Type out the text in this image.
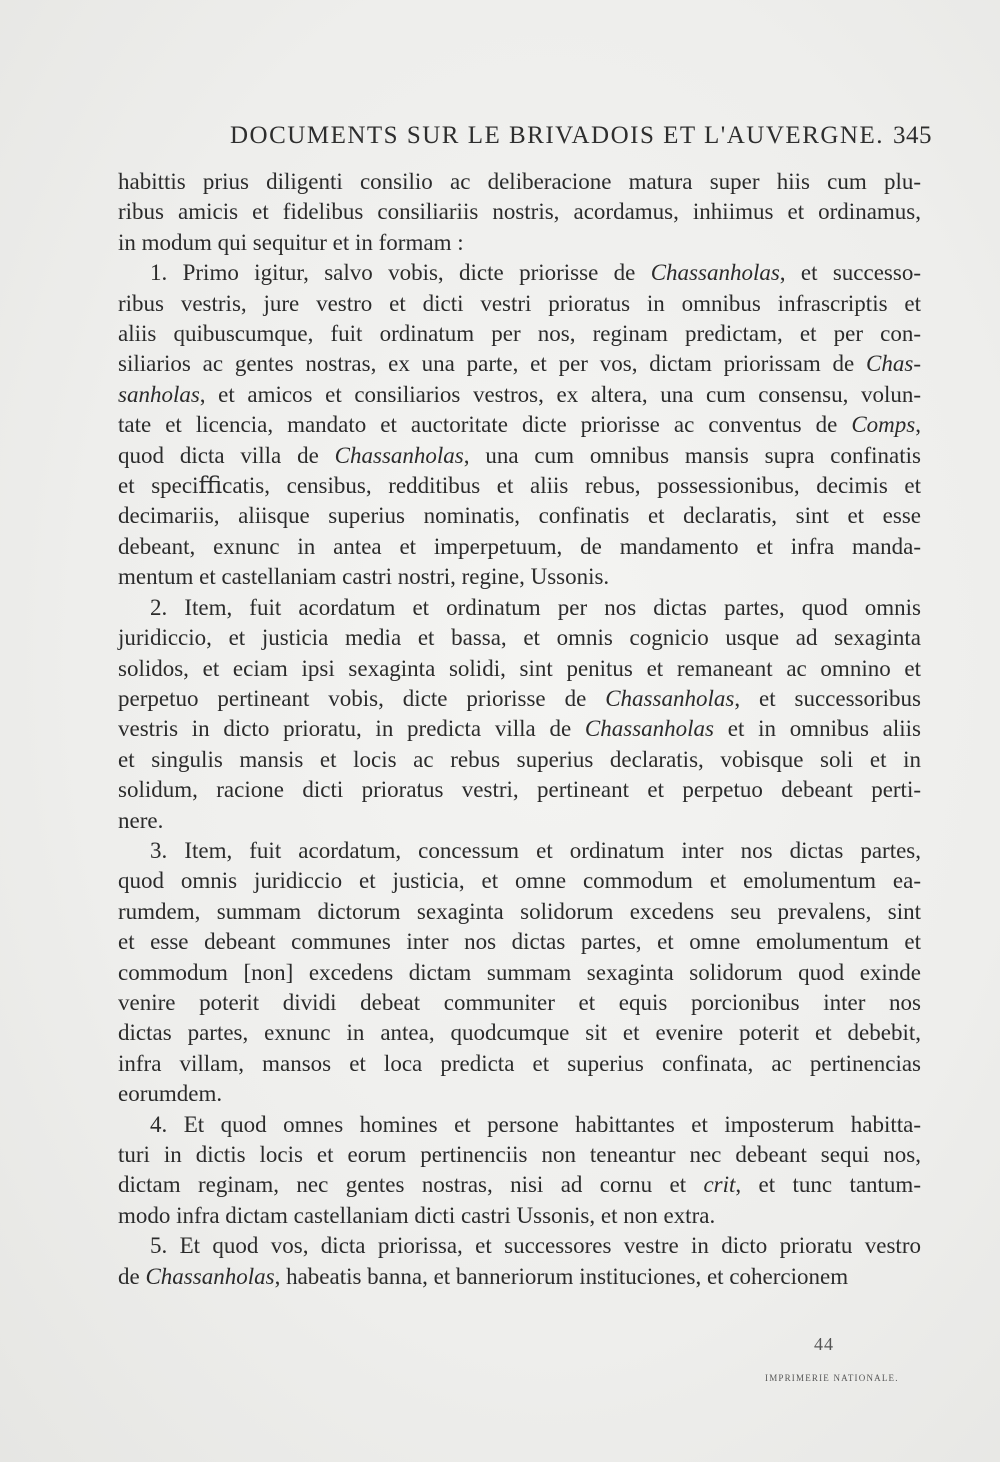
DOCUMENTS SUR LE BRIVADOIS ET L'AUVERGNE. 345

habittis prius diligenti consilio ac deliberacione matura super hiis cum plu-

ribus amicis et fidelibus consiliariis nostris, acordamus, inhiimus et ordinamus,

in modum qui sequitur et in formam :

1. Primo igitur, salvo vobis, dicte priorisse de Chassanholas, et successo-

ribus vestris, jure vestro et dicti vestri prioratus in omnibus infrascriptis et

aliis quibuscumque, fuit ordinatum per nos, reginam predictam, et per con-

siliarios ac gentes nostras, ex una parte, et per vos, dictam priorissam de Chas-

sanholas, et amicos et consiliarios vestros, ex altera, una cum consensu, volun-

tate et licencia, mandato et auctoritate dicte priorisse ac conventus de Comps,

quod dicta villa de Chassanholas, una cum omnibus mansis supra confinatis

et speciﬃcatis, censibus, redditibus et aliis rebus, possessionibus, decimis et

decimariis, aliisque superius nominatis, confinatis et declaratis, sint et esse

debeant, exnunc in antea et imperpetuum, de mandamento et infra manda-

mentum et castellaniam castri nostri, regine, Ussonis.

2. Item, fuit acordatum et ordinatum per nos dictas partes, quod omnis

juridiccio, et justicia media et bassa, et omnis cognicio usque ad sexaginta

solidos, et eciam ipsi sexaginta solidi, sint penitus et remaneant ac omnino et

perpetuo pertineant vobis, dicte priorisse de Chassanholas, et successoribus

vestris in dicto prioratu, in predicta villa de Chassanholas et in omnibus aliis

et singulis mansis et locis ac rebus superius declaratis, vobisque soli et in

solidum, racione dicti prioratus vestri, pertineant et perpetuo debeant perti-

nere.

3. Item, fuit acordatum, concessum et ordinatum inter nos dictas partes,

quod omnis juridiccio et justicia, et omne commodum et emolumentum ea-

rumdem, summam dictorum sexaginta solidorum excedens seu prevalens, sint

et esse debeant communes inter nos dictas partes, et omne emolumentum et

commodum [non] excedens dictam summam sexaginta solidorum quod exinde

venire poterit dividi debeat communiter et equis porcionibus inter nos

dictas partes, exnunc in antea, quodcumque sit et evenire poterit et debebit,

infra villam, mansos et loca predicta et superius confinata, ac pertinencias

eorumdem.

4. Et quod omnes homines et persone habittantes et imposterum habitta-

turi in dictis locis et eorum pertinenciis non teneantur nec debeant sequi nos,

dictam reginam, nec gentes nostras, nisi ad cornu et crit, et tunc tantum-

modo infra dictam castellaniam dicti castri Ussonis, et non extra.

5. Et quod vos, dicta priorissa, et successores vestre in dicto prioratu vestro

de Chassanholas, habeatis banna, et banneriorum instituciones, et cohercionem

44
IMPRIMERIE NATIONALE.
